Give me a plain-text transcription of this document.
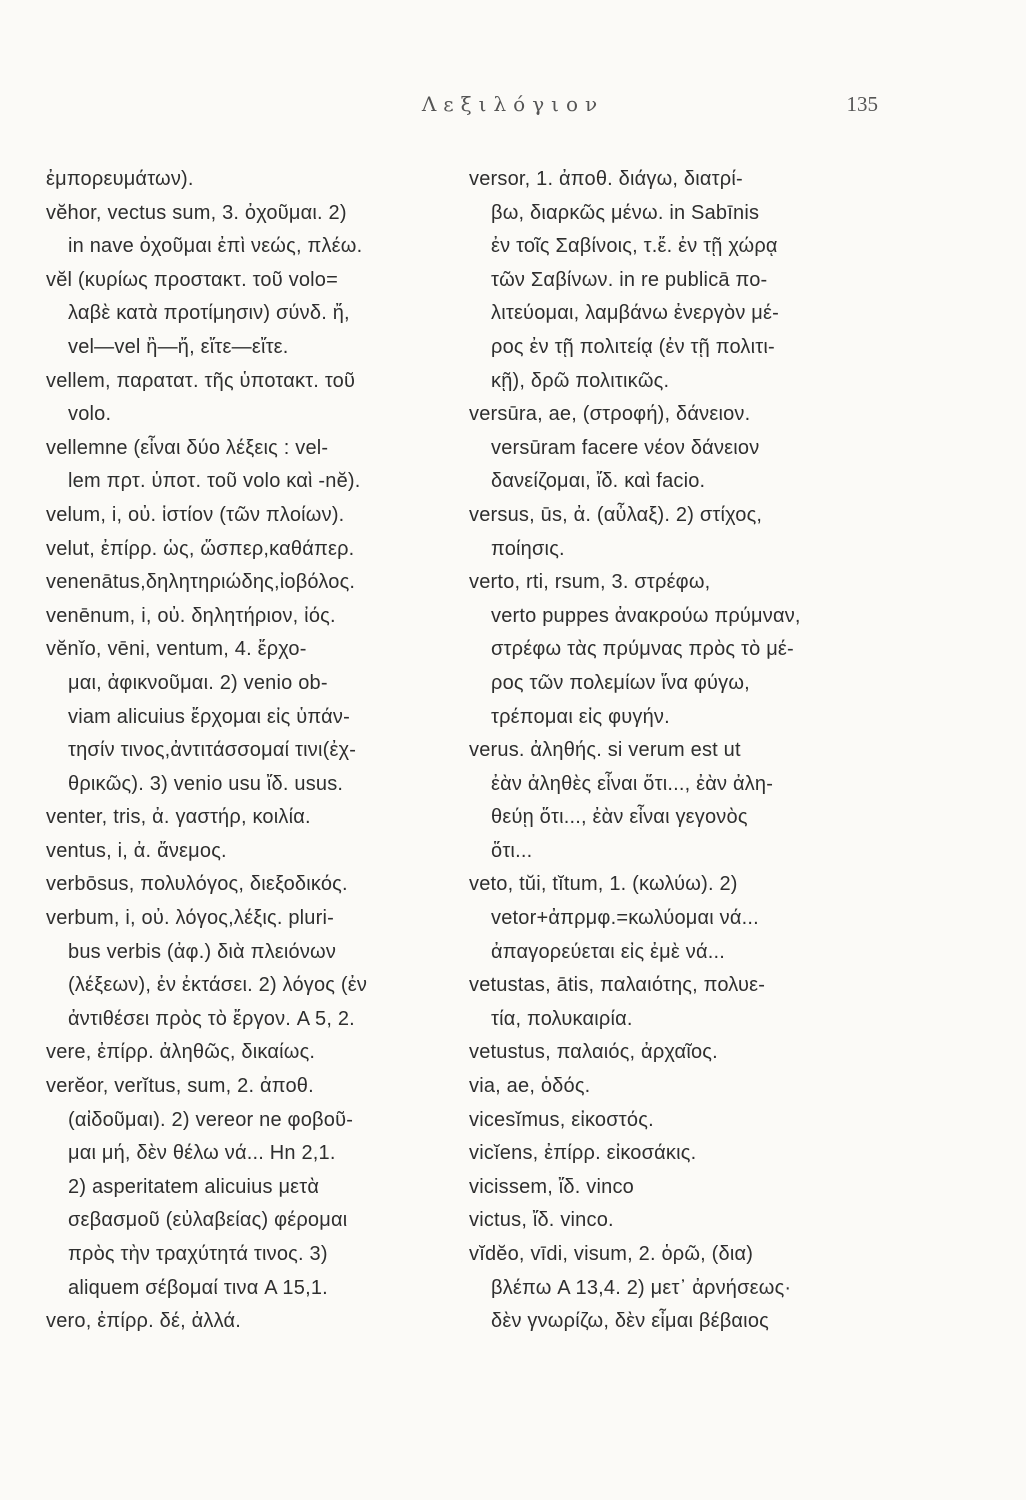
Λεξιλόγιον	135
ἐμπορευμάτων).
vĕhor, vectus sum, 3. ὀχοῦμαι. 2)
in nave ὀχοῦμαι ἐπὶ νεώς, πλέω.
vĕl (κυρίως προστακτ. τοῦ volo=
λαβὲ κατὰ προτίμησιν) σύνδ. ἤ,
vel—vel ἢ—ἤ, εἴτε—εἴτε.
vellem, παρατατ. τῆς ὑποτακτ. τοῦ
volo.
vellemne (εἶναι δύο λέξεις : vel-
lem πρτ. ὑποτ. τοῦ volo καὶ -nĕ).
velum, i, οὐ. ἱστίον (τῶν πλοίων).
velut, ἐπίρρ. ὡς, ὥσπερ,καθάπερ.
venenātus,δηλητηριώδης,ἰοβόλος.
venēnum, i, οὐ. δηλητήριον, ἰός.
vĕnĭo, vēni, ventum, 4. ἔρχο-
μαι, ἀφικνοῦμαι. 2) venio ob-
viam alicuius ἔρχομαι εἰς ὑπάν-
τησίν τινος,ἀντιτάσσομαί τινι(ἐχ-
θρικῶς). 3) venio usu ἴδ. usus.
venter, tris, ἀ. γαστήρ, κοιλία.
ventus, i, ἀ. ἄνεμος.
verbōsus, πολυλόγος, διεξοδικός.
verbum, i, οὐ. λόγος,λέξις. pluri-
bus verbis (ἀφ.) διὰ πλειόνων
(λέξεων), ἐν ἐκτάσει. 2) λόγος (ἐν
ἀντιθέσει πρὸς τὸ ἔργον. A 5, 2.
vere, ἐπίρρ. ἀληθῶς, δικαίως.
verĕor, verĭtus, sum, 2. ἀποθ.
(αἰδοῦμαι). 2) vereor ne φοβοῦ-
μαι μή, δὲν θέλω νά... Hn 2,1.
2) asperitatem alicuius μετὰ
σεβασμοῦ (εὐλαβείας) φέρομαι
πρὸς τὴν τραχύτητά τινος. 3)
aliquem σέβομαί τινα A 15,1.
vero, ἐπίρρ. δέ, ἀλλά.
versor, 1. ἀποθ. διάγω, διατρί-
βω, διαρκῶς μένω. in Sabīnis
ἐν τοῖς Σαβίνοις, τ.ἔ. ἐν τῇ χώρᾳ
τῶν Σαβίνων. in re publicā πο-
λιτεύομαι, λαμβάνω ἐνεργὸν μέ-
ρος ἐν τῇ πολιτείᾳ (ἐν τῇ πολιτι-
κῇ), δρῶ πολιτικῶς.
versūra, ae, (στροφή), δάνειον.
versūram facere νέον δάνειον
δανείζομαι, ἴδ. καὶ facio.
versus, ūs, ἀ. (αὖλαξ). 2) στίχος,
ποίησις.
verto, rti, rsum, 3. στρέφω,
verto puppes ἀνακρούω πρύμναν,
στρέφω τὰς πρύμνας πρὸς τὸ μέ-
ρος τῶν πολεμίων ἵνα φύγω,
τρέπομαι εἰς φυγήν.
verus. ἀληθής. si verum est ut
ἐὰν ἀληθὲς εἶναι ὅτι..., ἐὰν ἀλη-
θεύῃ ὅτι..., ἐὰν εἶναι γεγονὸς
ὅτι...
veto, tŭi, tĭtum, 1. (κωλύω). 2)
vetor+ἀπρμφ.=κωλύομαι νά...
ἀπαγορεύεται εἰς ἐμὲ νά...
vetustas, ātis, παλαιότης, πολυε-
τία, πολυκαιρία.
vetustus, παλαιός, ἀρχαῖος.
via, ae, ὁδός.
vicesĭmus, εἰκοστός.
vicĭens, ἐπίρρ. εἰκοσάκις.
vicissem, ἴδ. vinco
victus, ἴδ. vinco.
vĭdĕo, vīdi, visum, 2. ὁρῶ, (δια)
βλέπω A 13,4. 2) μετ᾿ ἀρνήσεως·
δὲν γνωρίζω, δὲν εἶμαι βέβαιος
